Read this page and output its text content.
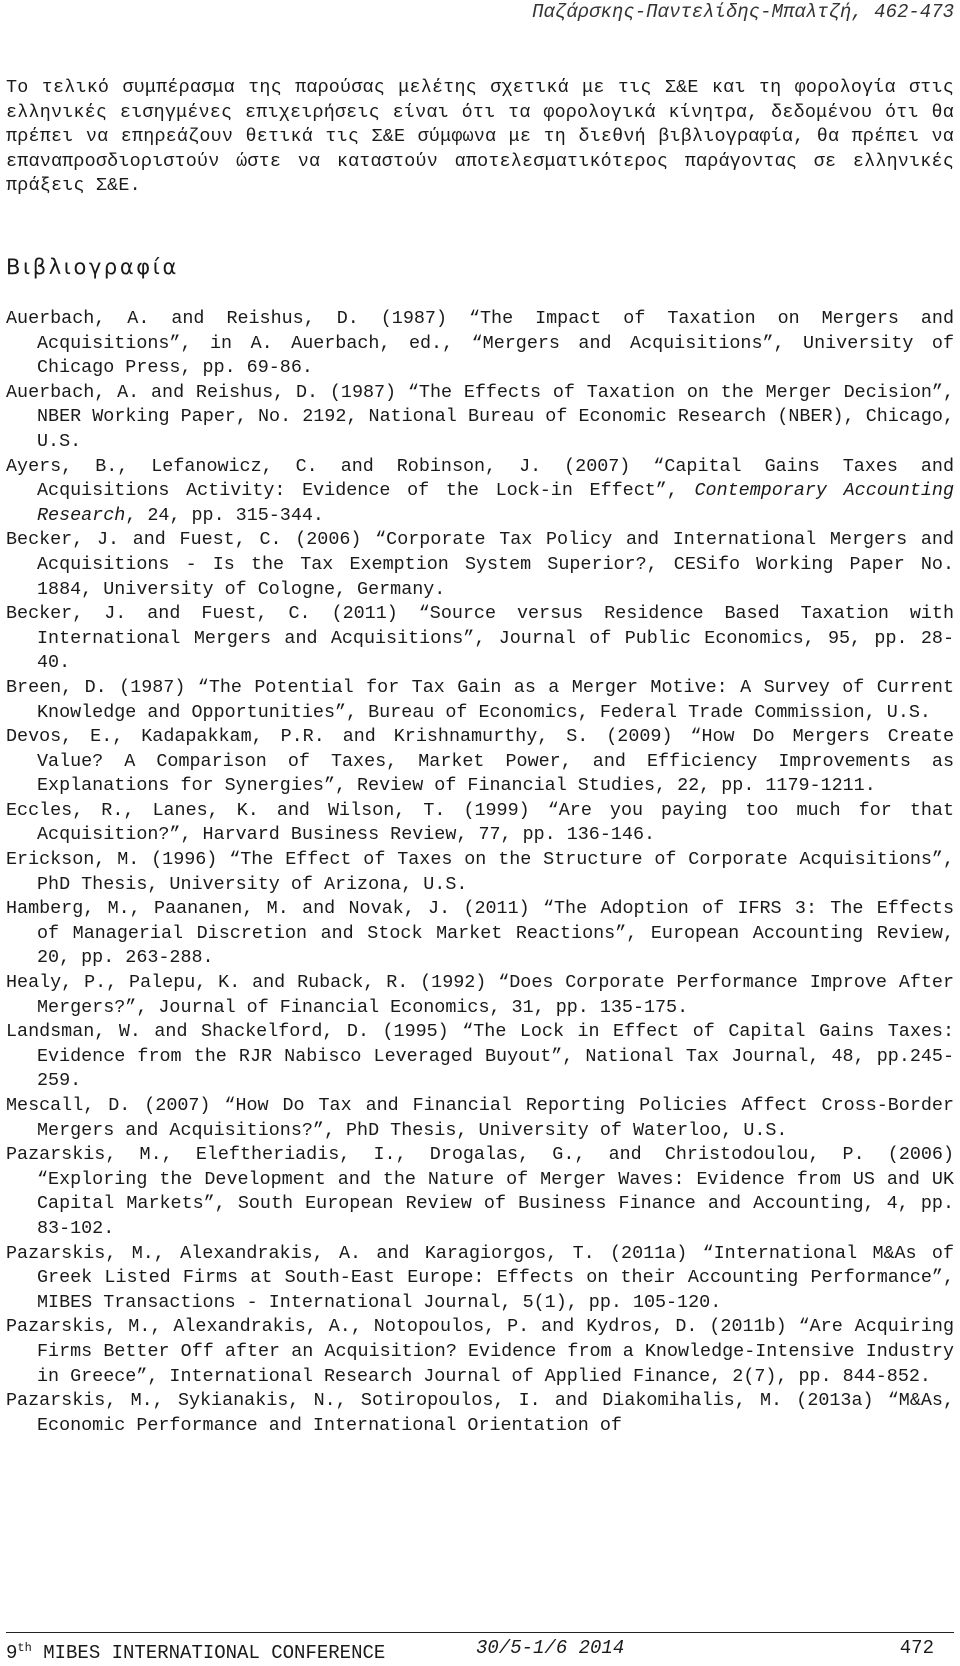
Παζάρσκης-Παντελίδης-Μπαλτζή, 462-473

Το τελικό συμπέρασμα της παρούσας μελέτης σχετικά με τις Σ&Ε και τη φορολογία στις ελληνικές εισηγμένες επιχειρήσεις είναι ότι τα φορολογικά κίνητρα, δεδομένου ότι θα πρέπει να επηρεάζουν θετικά τις Σ&Ε σύμφωνα με τη διεθνή βιβλιογραφία, θα πρέπει να επαναπροσδιοριστούν ώστε να καταστούν αποτελεσματικότερος παράγοντας σε ελληνικές πράξεις Σ&Ε.

Βιβλιογραφία
Auerbach, A. and Reishus, D. (1987) “The Impact of Taxation on Mergers and Acquisitions”, in A. Auerbach, ed., “Mergers and Acquisitions”, University of Chicago Press, pp. 69-86.
Auerbach, A. and Reishus, D. (1987) “The Effects of Taxation on the Merger Decision”, NBER Working Paper, No. 2192, National Bureau of Economic Research (NBER), Chicago, U.S.
Ayers, B., Lefanowicz, C. and Robinson, J. (2007) “Capital Gains Taxes and Acquisitions Activity: Evidence of the Lock-in Effect”, Contemporary Accounting Research, 24, pp. 315-344.
Becker, J. and Fuest, C. (2006) “Corporate Tax Policy and International Mergers and Acquisitions - Is the Tax Exemption System Superior?, CESifo Working Paper No. 1884, University of Cologne, Germany.
Becker, J. and Fuest, C. (2011) “Source versus Residence Based Taxation with International Mergers and Acquisitions”, Journal of Public Economics, 95, pp. 28-40.
Breen, D. (1987) “The Potential for Tax Gain as a Merger Motive: A Survey of Current Knowledge and Opportunities”, Bureau of Economics, Federal Trade Commission, U.S.
Devos, E., Kadapakkam, P.R. and Krishnamurthy, S. (2009) “How Do Mergers Create Value? A Comparison of Taxes, Market Power, and Efficiency Improvements as Explanations for Synergies”, Review of Financial Studies, 22, pp. 1179-1211.
Eccles, R., Lanes, K. and Wilson, T. (1999) “Are you paying too much for that Acquisition?”, Harvard Business Review, 77, pp. 136-146.
Erickson, M. (1996) “The Effect of Taxes on the Structure of Corporate Acquisitions”, PhD Thesis, University of Arizona, U.S.
Hamberg, M., Paananen, M. and Novak, J. (2011) “The Adoption of IFRS 3: The Effects of Managerial Discretion and Stock Market Reactions”, European Accounting Review, 20, pp. 263-288.
Healy, P., Palepu, K. and Ruback, R. (1992) “Does Corporate Performance Improve After Mergers?”, Journal of Financial Economics, 31, pp. 135-175.
Landsman, W. and Shackelford, D. (1995) “The Lock in Effect of Capital Gains Taxes: Evidence from the RJR Nabisco Leveraged Buyout”, National Tax Journal, 48, pp.245-259.
Mescall, D. (2007) “How Do Tax and Financial Reporting Policies Affect Cross-Border Mergers and Acquisitions?”, PhD Thesis, University of Waterloo, U.S.
Pazarskis, M., Eleftheriadis, I., Drogalas, G., and Christodoulou, P. (2006) “Exploring the Development and the Nature of Merger Waves: Evidence from US and UK Capital Markets”, South European Review of Business Finance and Accounting, 4, pp. 83-102.
Pazarskis, M., Alexandrakis, A. and Karagiorgos, T. (2011a) “International M&As of Greek Listed Firms at South-East Europe: Effects on their Accounting Performance”, MIBES Transactions - International Journal, 5(1), pp. 105-120.
Pazarskis, M., Alexandrakis, A., Notopoulos, P. and Kydros, D. (2011b) “Are Acquiring Firms Better Off after an Acquisition? Evidence from a Knowledge-Intensive Industry in Greece”, International Research Journal of Applied Finance, 2(7), pp. 844-852.
Pazarskis, M., Sykianakis, N., Sotiropoulos, I. and Diakomihalis, M. (2013a) “M&As, Economic Performance and International Orientation of
9th MIBES INTERNATIONAL CONFERENCE	30/5-1/6 2014	472
